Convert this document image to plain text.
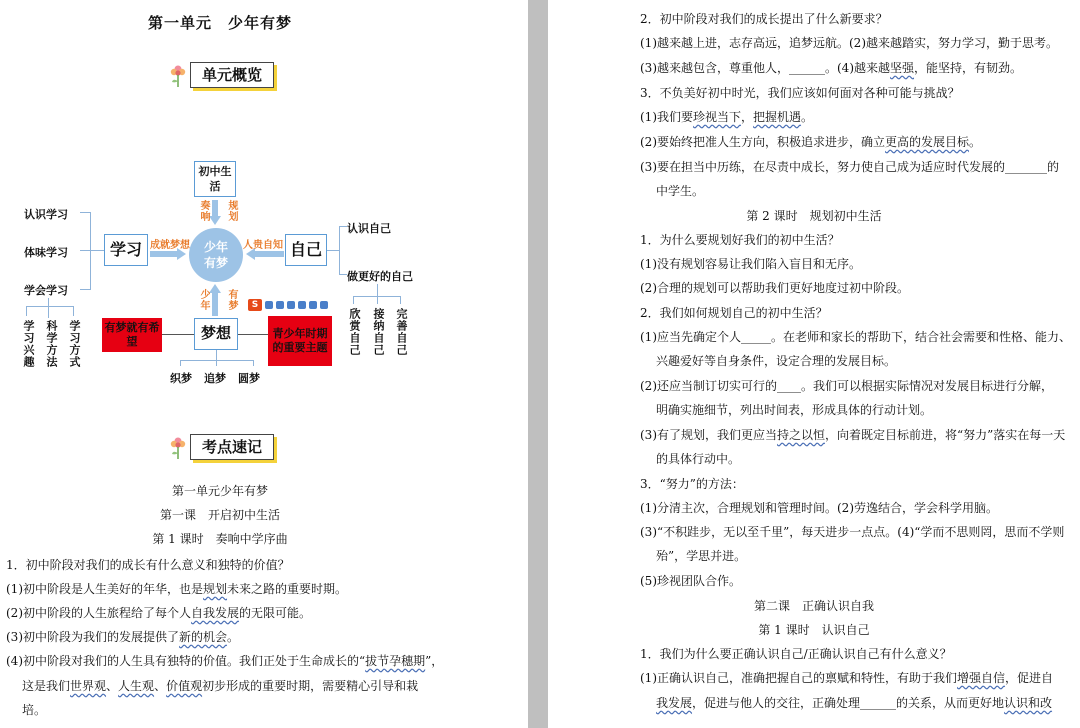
第一单元　少年有梦
单元概览
初中生活
奏响 规划
少年有梦
学习 成就梦想	自己
人贵自知
梦想
少年 有梦	S
认识学习
体味学习
学会学习
学习兴趣 科学方法 学习方式
认识自己
做更好的自己
欣赏自己 接纳自己 完善自己
有梦就有希望
青少年时期的重要主题
织梦 追梦 圆梦
考点速记
第一单元少年有梦
第一课　开启初中生活
第 1 课时　奏响中学序曲
1．初中阶段对我们的成长有什么意义和独特的价值？
(1)初中阶段是人生美好的年华，也是规划未来之路的重要时期。
(2)初中阶段的人生旅程给了每个人自我发展的无限可能。
(3)初中阶段为我们的发展提供了新的机会。
(4)初中阶段对我们的人生具有独特的价值。我们正处于生命成长的“拔节孕穗期”，
这是我们世界观、人生观、价值观初步形成的重要时期，需要精心引导和栽
培。
2．初中阶段对我们的成长提出了什么新要求？
(1)越来越上进，志存高远，追梦远航。(2)越来越踏实，努力学习，勤于思考。
(3)越来越包含，尊重他人，______。(4)越来越坚强，能坚持，有韧劲。
3．不负美好初中时光，我们应该如何面对各种可能与挑战？
(1)我们要珍视当下，把握机遇。
(2)要始终把准人生方向，积极追求进步，确立更高的发展目标。
(3)要在担当中历练，在尽责中成长，努力使自己成为适应时代发展的_______的
中学生。
第 2 课时　规划初中生活
1．为什么要规划好我们的初中生活？
(1)没有规划容易让我们陷入盲目和无序。
(2)合理的规划可以帮助我们更好地度过初中阶段。
2．我们如何规划自己的初中生活？
(1)应当先确定个人_____。在老师和家长的帮助下，结合社会需要和性格、能力、
兴趣爱好等自身条件，设定合理的发展目标。
(2)还应当制订切实可行的____。我们可以根据实际情况对发展目标进行分解，
明确实施细节，列出时间表，形成具体的行动计划。
(3)有了规划，我们更应当持之以恒，向着既定目标前进，将“努力”落实在每一天
的具体行动中。
3．“努力”的方法：
(1)分清主次，合理规划和管理时间。(2)劳逸结合，学会科学用脑。
(3)“不积跬步，无以至千里”，每天进步一点点。(4)“学而不思则罔，思而不学则
殆”，学思并进。
(5)珍视团队合作。
第二课　正确认识自我
第 1 课时　认识自己
1．我们为什么要正确认识自己/正确认识自己有什么意义？
(1)正确认识自己，准确把握自己的禀赋和特性，有助于我们增强自信，促进自
我发展，促进与他人的交往，正确处理______的关系，从而更好地认识和改
